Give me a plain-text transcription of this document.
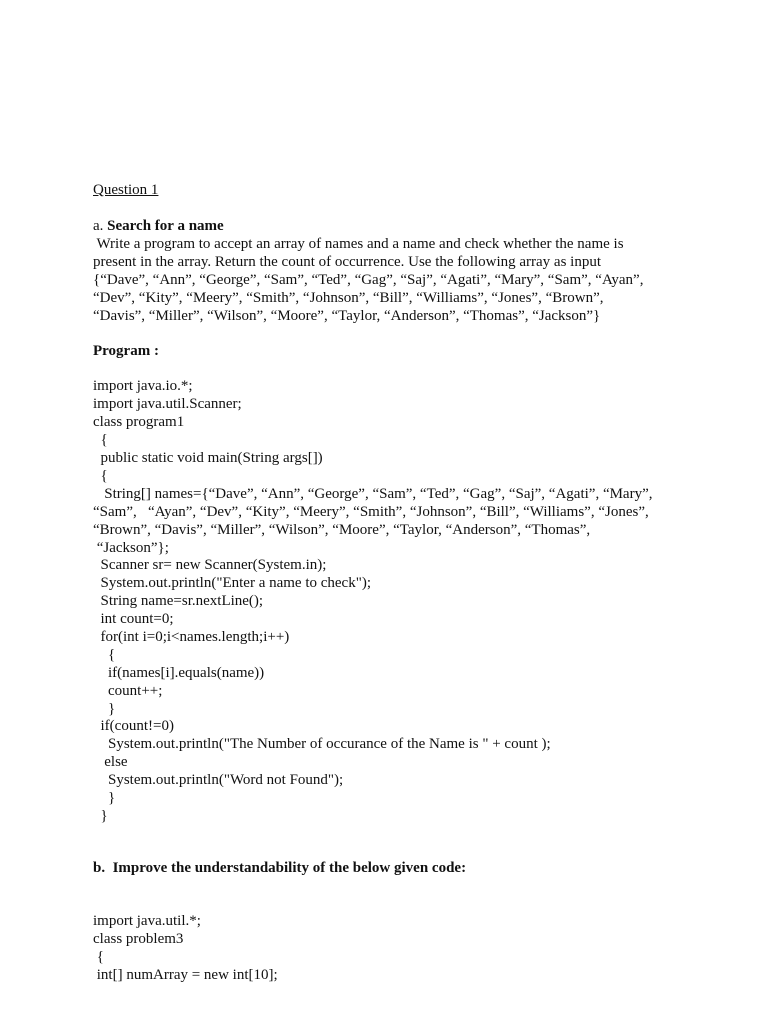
Question 1
a. Search for a name
Write a program to accept an array of names and a name and check whether the name is
present in the array. Return the count of occurrence. Use the following array as input
{“Dave”, “Ann”, “George”, “Sam”, “Ted”, “Gag”, “Saj”, “Agati”, “Mary”, “Sam”, “Ayan”,
“Dev”, “Kity”, “Meery”, “Smith”, “Johnson”, “Bill”, “Williams”, “Jones”, “Brown”,
“Davis”, “Miller”, “Wilson”, “Moore”, “Taylor, “Anderson”, “Thomas”, “Jackson”}
Program :
import java.io.*;
import java.util.Scanner;
class program1
{
public static void main(String args[])
{
String[] names={“Dave”, “Ann”, “George”, “Sam”, “Ted”, “Gag”, “Saj”, “Agati”, “Mary”,
“Sam”,   “Ayan”, “Dev”, “Kity”, “Meery”, “Smith”, “Johnson”, “Bill”, “Williams”, “Jones”,
“Brown”, “Davis”, “Miller”, “Wilson”, “Moore”, “Taylor, “Anderson”, “Thomas”,
“Jackson”};
Scanner sr= new Scanner(System.in);
System.out.println("Enter a name to check");
String name=sr.nextLine();
int count=0;
for(int i=0;i<names.length;i++)
{
if(names[i].equals(name))
count++;
}
if(count!=0)
System.out.println("The Number of occurance of the Name is " + count );
else
System.out.println("Word not Found");
}
}
b.  Improve the understandability of the below given code:
import java.util.*;
class problem3
{
int[] numArray = new int[10];
